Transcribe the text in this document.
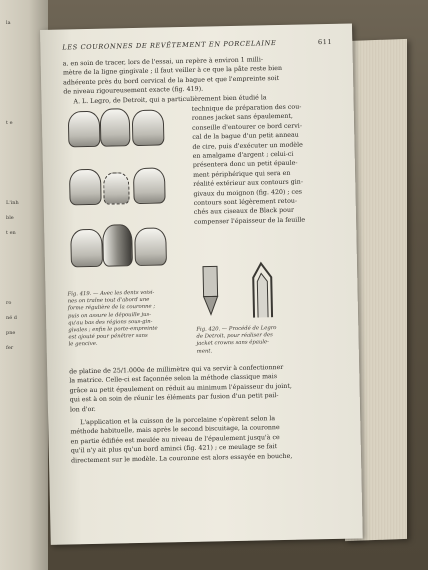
la
t e
L'inh
ble
t en
ro
né d
pne
fer
LES COURONNES DE REVÊTEMENT EN PORCELAINE	611
a. en soin de tracer, lors de l'essai, un repère à environ 1 milli-
mètre de la ligne gingivale ; il faut veiller à ce que la pâte reste bien
adhérente près du bord cervical de la bague et que l'empreinte soit
de niveau rigoureusement exacte (fig. 419).
A. L. Legro, de Detroit, qui a particulièrement bien étudié la
technique de préparation des cou-
ronnes jacket sans épaulement,
conseille d'entourer ce bord cervi-
cal de la bague d'un petit anneau
de cire, puis d'exécuter un modèle
en amalgame d'argent ; celui-ci
présentera donc un petit épaule-
ment périphérique qui sera en
réalité extérieur aux contours gin-
givaux du moignon (fig. 420) ; ces
contours sont légèrement retou-
chés aux ciseaux de Black pour
compenser l'épaisseur de la feuille
Fig. 419. — Avec les dents voisi-
nes on traîne tout d'abord une
forme régulière de la couronne ;
puis on assure le dépouille jus-
qu'au bas des régions sous-gin-
givales ; enfin le porte-empreinte
est ajouté pour pénétrer sans
le gencive.
Fig. 420. — Procédé de Legro
de Detroit, pour réaliser des
jacket crowns sans épaule-
ment.
de platine de 25/1.000e de millimètre qui va servir à confectionner
la matrice. Celle-ci est façonnée selon la méthode classique mais
grâce au petit épaulement on réduit au minimum l'épaisseur du joint,
qui est à on soin de réunir les éléments par fusion d'un petit pail-
lon d'or.
L'application et la cuisson de la porcelaine s'opèrent selon la
méthode habituelle, mais après le second biscuitage, la couronne
en partie édifiée est meulée au niveau de l'épaulement jusqu'à ce
qu'il n'y ait plus qu'un bord aminci (fig. 421) ; ce meulage se fait
directement sur le modèle. La couronne est alors essayée en bouche,
